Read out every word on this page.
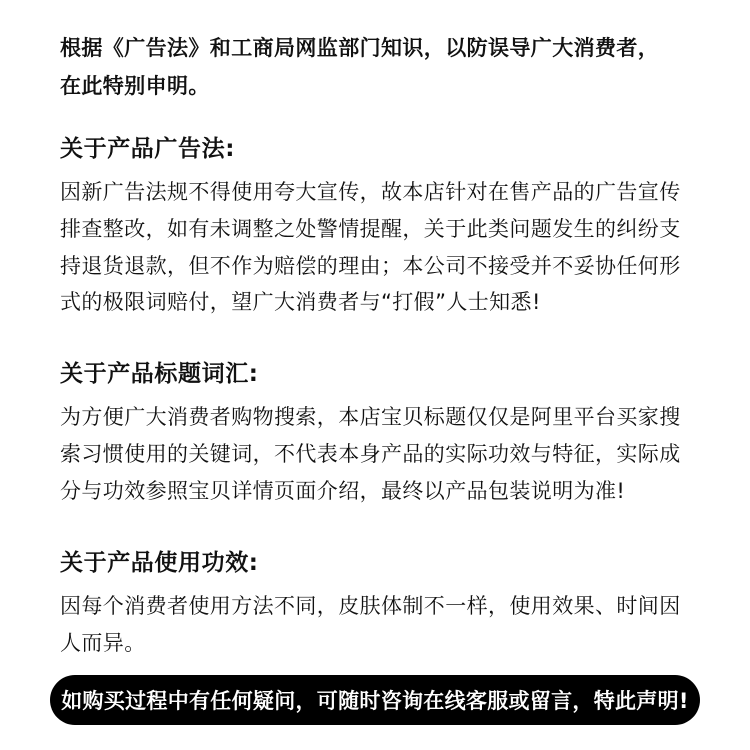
根据《广告法》和工商局网监部门知识，以防误导广大消费者，
在此特别申明。
关于产品广告法:
因新广告法规不得使用夸大宣传，故本店针对在售产品的广告宣传
排查整改，如有未调整之处警情提醒，关于此类问题发生的纠纷支
持退货退款，但不作为赔偿的理由；本公司不接受并不妥协任何形
式的极限词赔付，望广大消费者与“打假”人士知悉!
关于产品标题词汇:
为方便广大消费者购物搜索，本店宝贝标题仅仅是阿里平台买家搜
索习惯使用的关键词，不代表本身产品的实际功效与特征，实际成
分与功效参照宝贝详情页面介绍，最终以产品包装说明为准!
关于产品使用功效:
因每个消费者使用方法不同，皮肤体制不一样，使用效果、时间因
人而异。
如购买过程中有任何疑问，可随时咨询在线客服或留言，特此声明!
